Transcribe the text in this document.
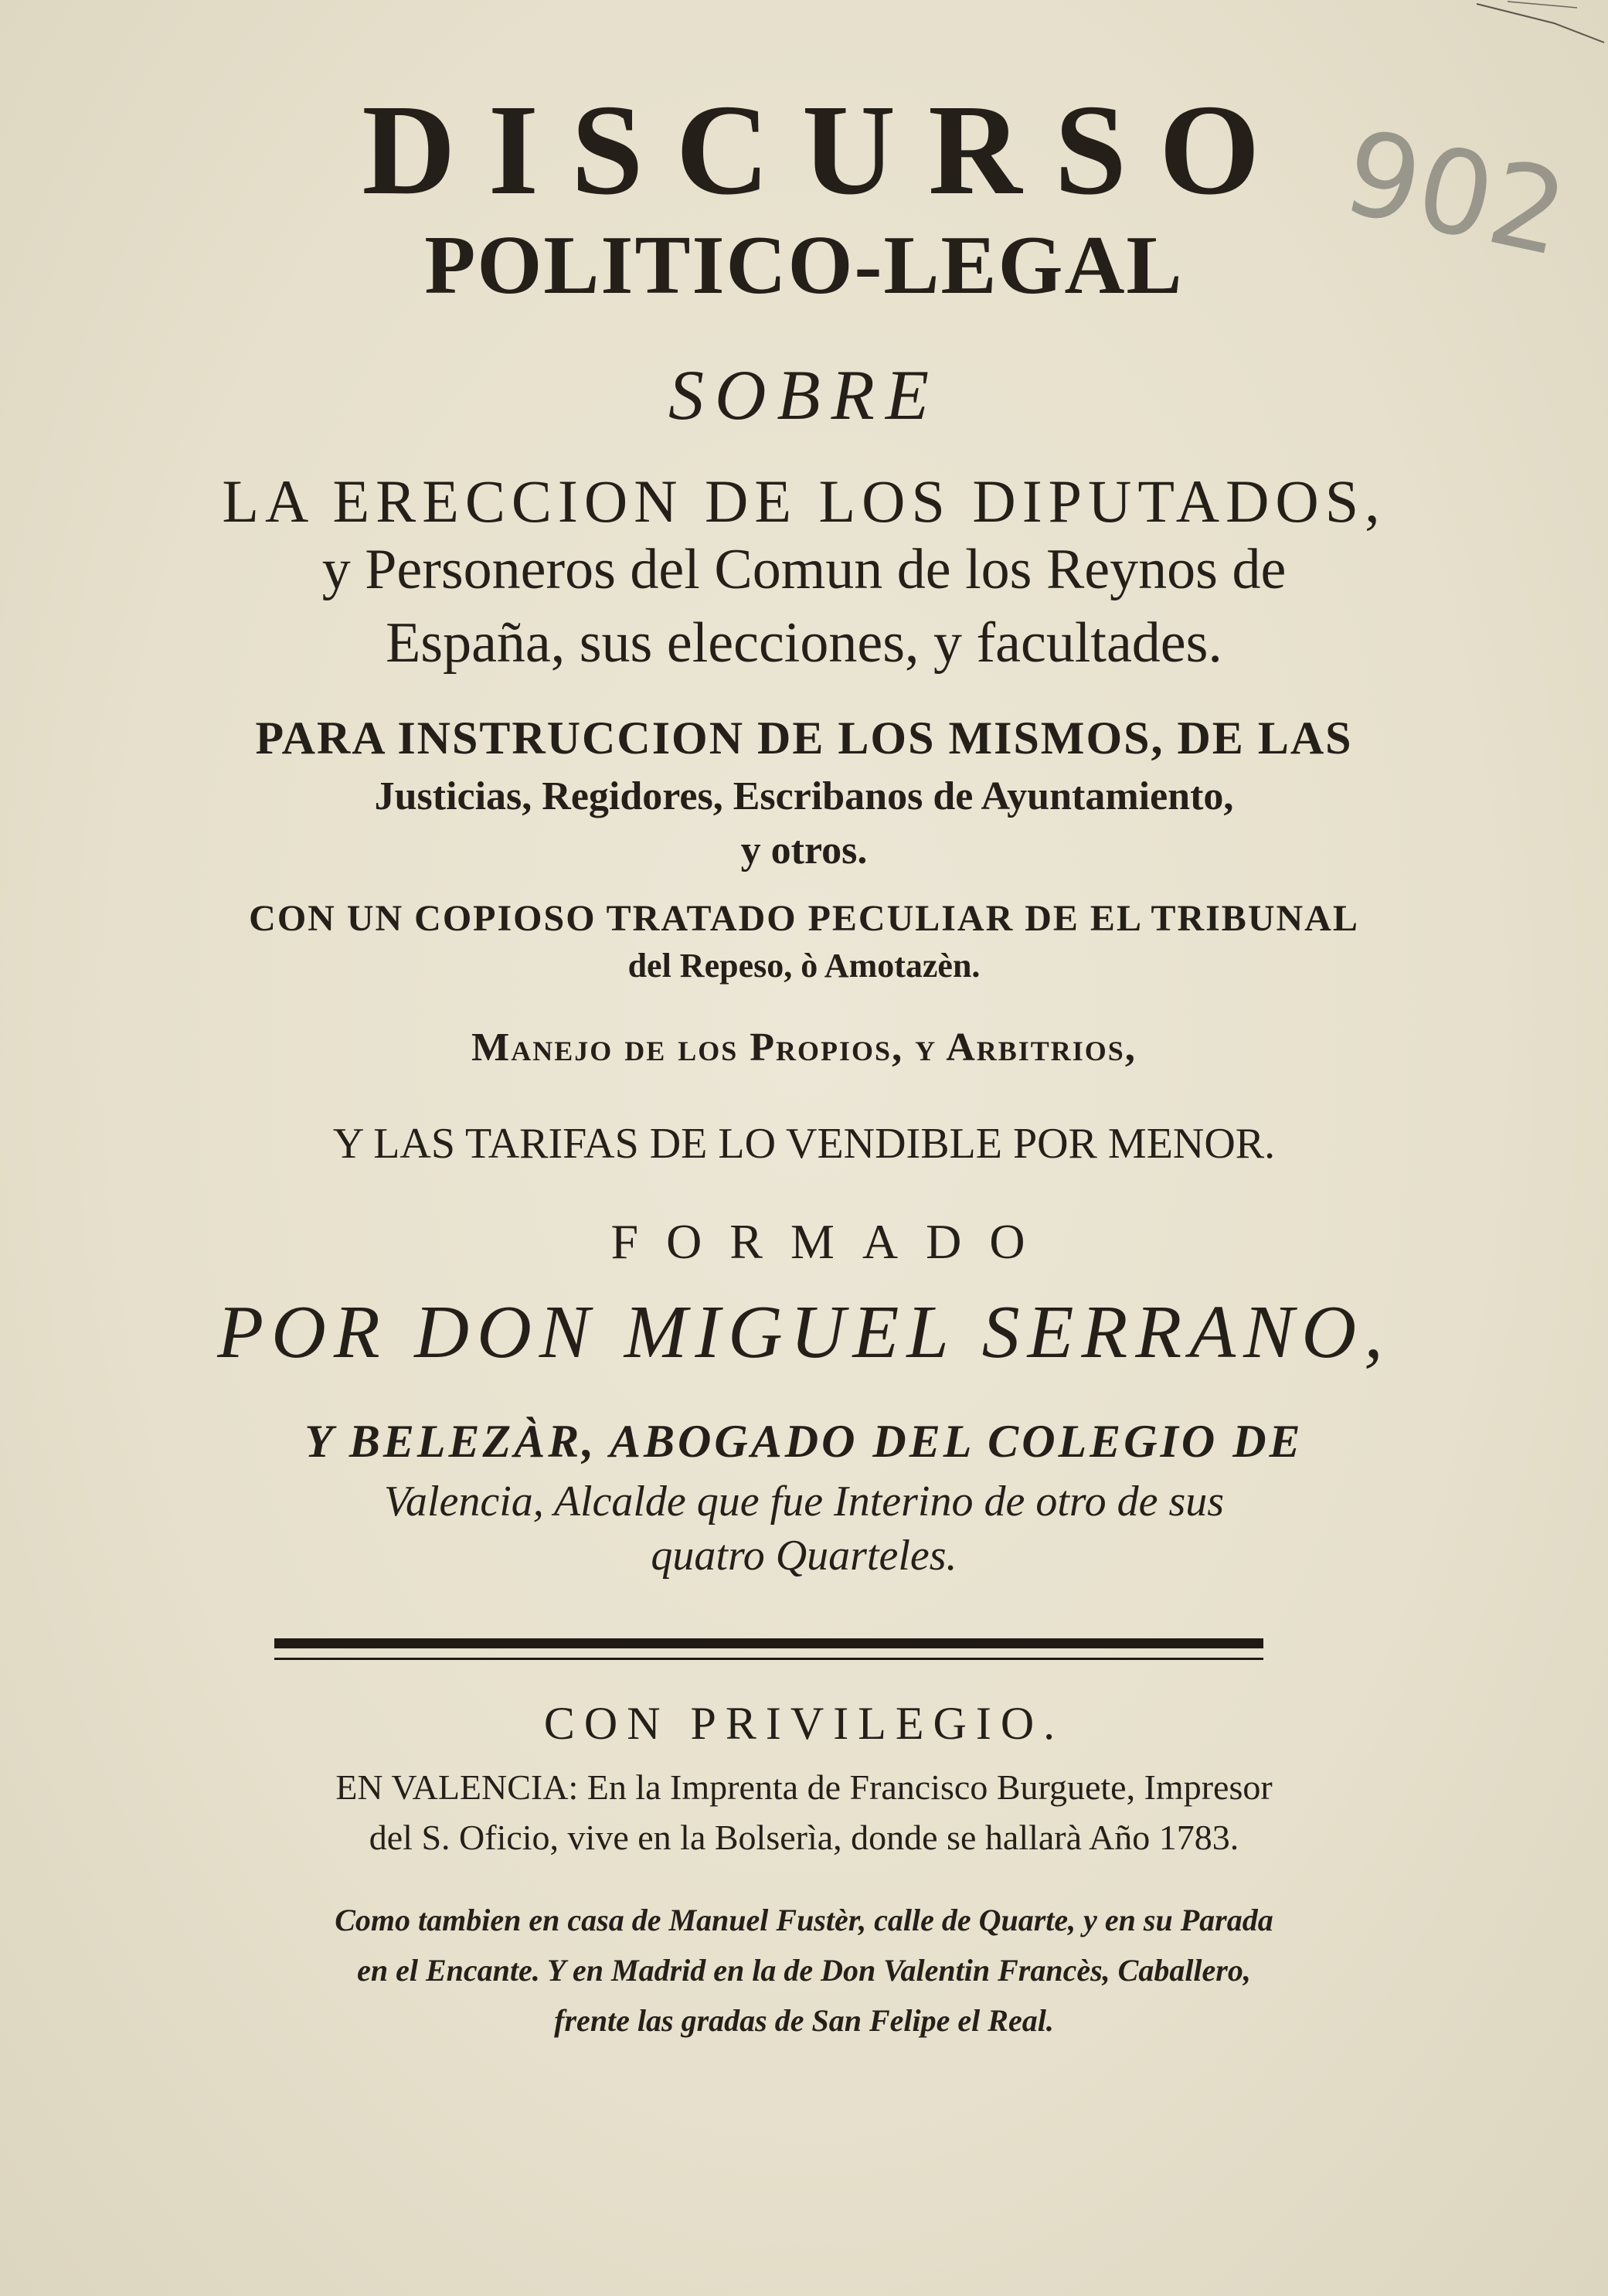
902
DISCURSO
POLITICO-LEGAL
SOBRE
LA ERECCION DE LOS DIPUTADOS,
y Personeros del Comun de los Reynos de
España, sus elecciones, y facultades.
PARA INSTRUCCION DE LOS MISMOS, DE LAS
Justicias, Regidores, Escribanos de Ayuntamiento,
y otros.
CON UN COPIOSO TRATADO PECULIAR DE EL TRIBUNAL
del Repeso, ò Amotazèn.
Manejo de los Propios, y Arbitrios,
Y LAS TARIFAS DE LO VENDIBLE POR MENOR.
FORMADO
POR DON MIGUEL SERRANO,
Y BELEZÀR, ABOGADO DEL COLEGIO DE
Valencia, Alcalde que fue Interino de otro de sus
quatro Quarteles.
CON PRIVILEGIO.
EN VALENCIA: En la Imprenta de Francisco Burguete, Impresor
del S. Oficio, vive en la Bolserìa, donde se hallarà Año 1783.
Como tambien en casa de Manuel Fustèr, calle de Quarte, y en su Parada
en el Encante. Y en Madrid en la de Don Valentin Francès, Caballero,
frente las gradas de San Felipe el Real.
